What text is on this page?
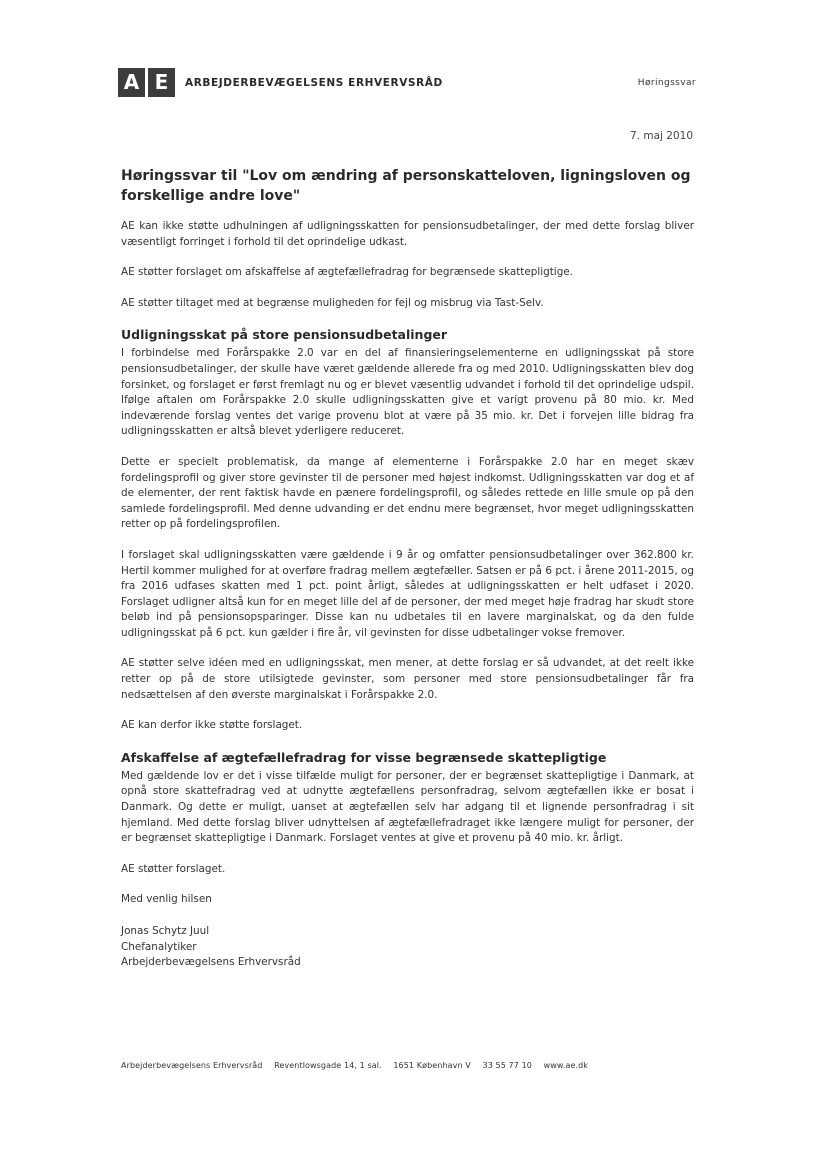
A E	ARBEJDERBEVÆGELSENS ERHVERVSRÅD	Høringssvar
7. maj 2010
Høringssvar til "Lov om ændring af personskatteloven, ligningsloven og forskellige andre love"

AE kan ikke støtte udhulningen af udligningsskatten for pensionsudbetalinger, der med dette forslag bliver væsentligt forringet i forhold til det oprindelige udkast.

AE støtter forslaget om afskaffelse af ægtefællefradrag for begrænsede skattepligtige.

AE støtter tiltaget med at begrænse muligheden for fejl og misbrug via Tast-Selv.

Udligningsskat på store pensionsudbetalinger

I forbindelse med Forårspakke 2.0 var en del af finansieringselementerne en udligningsskat på store pensionsudbetalinger, der skulle have været gældende allerede fra og med 2010. Udligningsskatten blev dog forsinket, og forslaget er først fremlagt nu og er blevet væsentlig udvandet i forhold til det oprindelige udspil. Ifølge aftalen om Forårspakke 2.0 skulle udligningsskatten give et varigt provenu på 80 mio. kr. Med indeværende forslag ventes det varige provenu blot at være på 35 mio. kr. Det i forvejen lille bidrag fra udligningsskatten er altså blevet yderligere reduceret.

Dette er specielt problematisk, da mange af elementerne i Forårspakke 2.0 har en meget skæv fordelingsprofil og giver store gevinster til de personer med højest indkomst. Udligningsskatten var dog et af de elementer, der rent faktisk havde en pænere fordelingsprofil, og således rettede en lille smule op på den samlede fordelingsprofil. Med denne udvanding er det endnu mere begrænset, hvor meget udligningsskatten retter op på fordelingsprofilen.

I forslaget skal udligningsskatten være gældende i 9 år og omfatter pensionsudbetalinger over 362.800 kr. Hertil kommer mulighed for at overføre fradrag mellem ægtefæller. Satsen er på 6 pct. i årene 2011-2015, og fra 2016 udfases skatten med 1 pct. point årligt, således at udligningsskatten er helt udfaset i 2020. Forslaget udligner altså kun for en meget lille del af de personer, der med meget høje fradrag har skudt store beløb ind på pensionsopsparinger. Disse kan nu udbetales til en lavere marginalskat, og da den fulde udligningsskat på 6 pct. kun gælder i fire år, vil gevinsten for disse udbetalinger vokse fremover.

AE støtter selve idéen med en udligningsskat, men mener, at dette forslag er så udvandet, at det reelt ikke retter op på de store utilsigtede gevinster, som personer med store pensionsudbetalinger får fra nedsættelsen af den øverste marginalskat i Forårspakke 2.0.

AE kan derfor ikke støtte forslaget.

Afskaffelse af ægtefællefradrag for visse begrænsede skattepligtige

Med gældende lov er det i visse tilfælde muligt for personer, der er begrænset skattepligtige i Danmark, at opnå store skattefradrag ved at udnytte ægtefællens personfradrag, selvom ægtefællen ikke er bosat i Danmark. Og dette er muligt, uanset at ægtefællen selv har adgang til et lignende personfradrag i sit hjemland. Med dette forslag bliver udnyttelsen af ægtefællefradraget ikke længere muligt for personer, der er begrænset skattepligtige i Danmark. Forslaget ventes at give et provenu på 40 mio. kr. årligt.

AE støtter forslaget.

Med venlig hilsen
Jonas Schytz Juul
Chefanalytiker
Arbejderbevægelsens Erhvervsråd
Arbejderbevægelsens Erhvervsråd Reventlowsgade 14, 1 sal. 1651 København V 33 55 77 10 www.ae.dk
